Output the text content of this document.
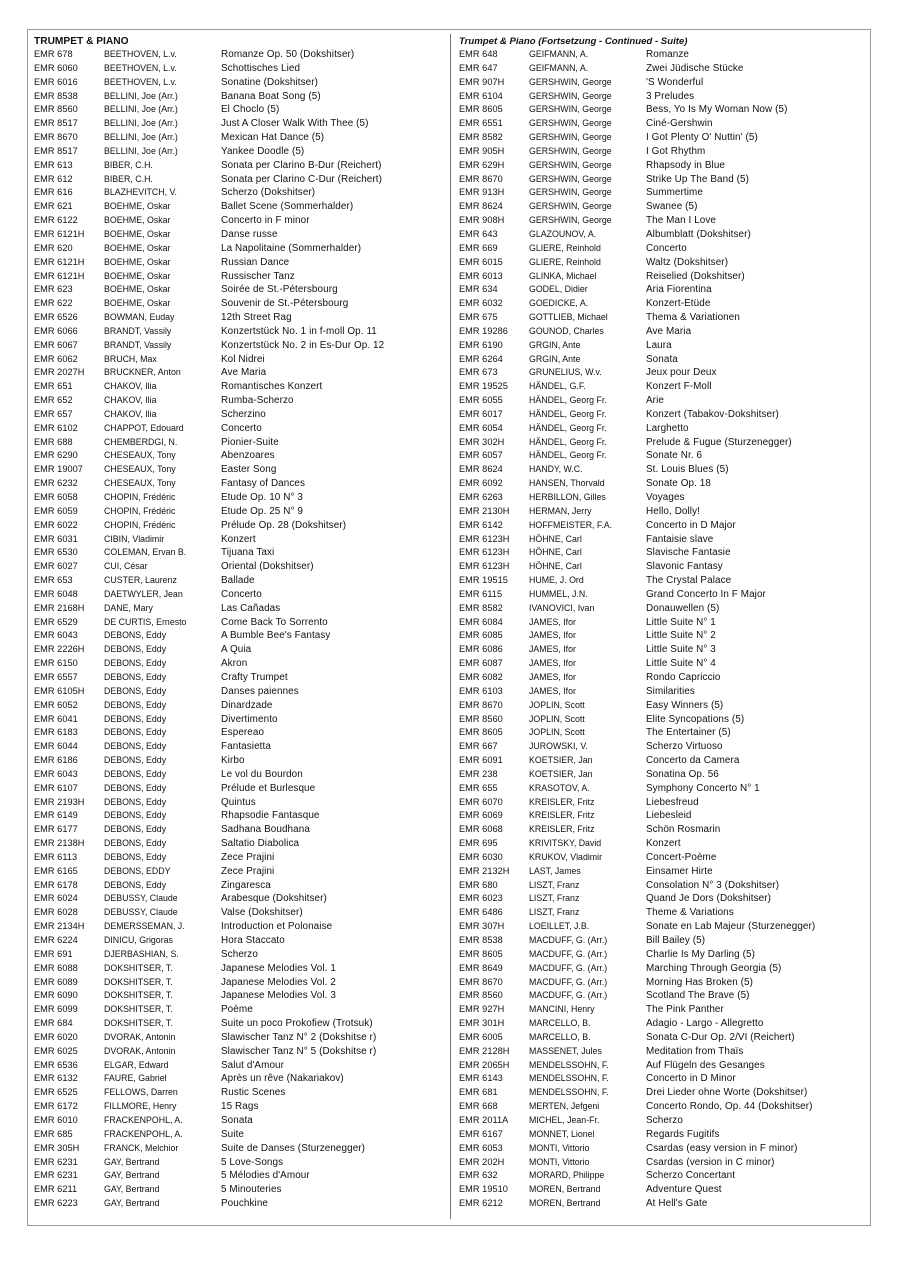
TRUMPET & PIANO
EMR 678	BEETHOVEN, L.v.	Romanze Op. 50 (Dokshitser)
EMR 6060	BEETHOVEN, L.v.	Schottisches Lied
EMR 6016	BEETHOVEN, L.v.	Sonatine (Dokshitser)
EMR 8538	BELLINI, Joe (Arr.)	Banana Boat Song (5)
EMR 8560	BELLINI, Joe (Arr.)	El Choclo (5)
EMR 8517	BELLINI, Joe (Arr.)	Just A Closer Walk With Thee (5)
EMR 8670	BELLINI, Joe (Arr.)	Mexican Hat Dance (5)
EMR 8517	BELLINI, Joe (Arr.)	Yankee Doodle (5)
EMR 613	BIBER, C.H.	Sonata per Clarino B-Dur (Reichert)
EMR 612	BIBER, C.H.	Sonata per Clarino C-Dur (Reichert)
EMR 616	BLAZHEVITCH, V.	Scherzo (Dokshitser)
EMR 621	BOEHME, Oskar	Ballet Scene (Sommerhalder)
EMR 6122	BOEHME, Oskar	Concerto in F minor
EMR 6121H BOEHME, Oskar	Danse russe
EMR 620	BOEHME, Oskar	La Napolitaine (Sommerhalder)
EMR 6121H BOEHME, Oskar	Russian Dance
EMR 6121H BOEHME, Oskar	Russischer Tanz
EMR 623	BOEHME, Oskar	Soirée de St.-Pétersbourg
EMR 622	BOEHME, Oskar	Souvenir de St.-Pétersbourg
EMR 6526	BOWMAN, Euday	12th Street Rag
EMR 6066	BRANDT, Vassily	Konzertstück No. 1 in f-moll Op. 11
EMR 6067	BRANDT, Vassily	Konzertstück No. 2 in Es-Dur Op. 12
EMR 6062	BRUCH, Max	Kol Nidrei
EMR 2027H BRUCKNER, Anton	Ave Maria
EMR 651	CHAKOV, Ilia	Romantisches Konzert
EMR 652	CHAKOV, Ilia	Rumba-Scherzo
EMR 657	CHAKOV, Ilia	Scherzino
EMR 6102	CHAPPOT, Edouard	Concerto
EMR 688	CHEMBERDGI, N.	Pionier-Suite
EMR 6290	CHESEAUX, Tony	Abenzoares
EMR 19007 CHESEAUX, Tony	Easter Song
EMR 6232	CHESEAUX, Tony	Fantasy of Dances
EMR 6058	CHOPIN, Frédéric	Etude Op. 10 N° 3
EMR 6059	CHOPIN, Frédéric	Etude Op. 25 N° 9
EMR 6022	CHOPIN, Frédéric	Prélude Op. 28 (Dokshitser)
EMR 6031	CIBIN, Vladimir	Konzert
EMR 6530	COLEMAN, Ervan B.	Tijuana Taxi
EMR 6027	CUI, César	Oriental (Dokshitser)
EMR 653	CUSTER, Laurenz	Ballade
EMR 6048	DAETWYLER, Jean	Concerto
EMR 2168H DANE, Mary	Las Cañadas
EMR 6529	DE CURTIS, Ernesto	Come Back To Sorrento
EMR 6043	DEBONS, Eddy	A Bumble Bee's Fantasy
EMR 2226H DEBONS, Eddy	A Quia
EMR 6150	DEBONS, Eddy	Akron
EMR 6557	DEBONS, Eddy	Crafty Trumpet
EMR 6105H DEBONS, Eddy	Danses paiennes
EMR 6052	DEBONS, Eddy	Dinardzade
EMR 6041	DEBONS, Eddy	Divertimento
EMR 6183	DEBONS, Eddy	Espereao
EMR 6044	DEBONS, Eddy	Fantasietta
EMR 6186	DEBONS, Eddy	Kirbo
EMR 6043	DEBONS, Eddy	Le vol du Bourdon
EMR 6107	DEBONS, Eddy	Prélude et Burlesque
EMR 2193H DEBONS, Eddy	Quintus
EMR 6149	DEBONS, Eddy	Rhapsodie Fantasque
EMR 6177	DEBONS, Eddy	Sadhana Boudhana
EMR 2138H DEBONS, Eddy	Saltatio Diabolica
EMR 6113	DEBONS, Eddy	Zece Prajini
EMR 6165	DEBONS, EDDY	Zece Prajini
EMR 6178	DEBONS, Eddy	Zingaresca
EMR 6024	DEBUSSY, Claude	Arabesque (Dokshitser)
EMR 6028	DEBUSSY, Claude	Valse (Dokshitser)
EMR 2134H DEMERSSEMAN, J.	Introduction et Polonaise
EMR 6224	DINICU, Grigoras	Hora Staccato
EMR 691	DJERBASHIAN, S.	Scherzo
EMR 6088	DOKSHITSER, T.	Japanese Melodies Vol. 1
EMR 6089	DOKSHITSER, T.	Japanese Melodies Vol. 2
EMR 6090	DOKSHITSER, T.	Japanese Melodies Vol. 3
EMR 6099	DOKSHITSER, T.	Poème
EMR 684	DOKSHITSER, T.	Suite un poco Prokofiew (Trotsuk)
EMR 6020	DVORAK, Antonin	Slawischer Tanz N° 2 (Dokshitse r)
EMR 6025	DVORAK, Antonin	Slawischer Tanz N° 5 (Dokshitse r)
EMR 6536	ELGAR, Edward	Salut d'Amour
EMR 6132	FAURE, Gabriel	Après un rêve (Nakariakov)
EMR 6525	FELLOWS, Darren	Rustic Scenes
EMR 6172	FILLMORE, Henry	15 Rags
EMR 6010	FRACKENPOHL, A.	Sonata
EMR 685	FRACKENPOHL, A.	Suite
EMR 305H	FRANCK, Melchior	Suite de Danses (Sturzenegger)
EMR 6231	GAY, Bertrand	5 Love-Songs
EMR 6231	GAY, Bertrand	5 Mélodies d'Amour
EMR 6211	GAY, Bertrand	5 Minouteries
EMR 6223	GAY, Bertrand	Pouchkine
Trumpet & Piano (Fortsetzung - Continued - Suite)
EMR 648	GEIFMANN, A.	Romanze
EMR 647	GEIFMANN, A.	Zwei Jüdische Stücke
EMR 907H	GERSHWIN, George	'S Wonderful
EMR 6104	GERSHWIN, George	3 Preludes
EMR 8605	GERSHWIN, George	Bess, Yo Is My Woman Now (5)
EMR 6551	GERSHWIN, George	Ciné-Gershwin
EMR 8582	GERSHWIN, George	I Got Plenty O' Nuttin' (5)
EMR 905H	GERSHWIN, George	I Got Rhythm
EMR 629H	GERSHWIN, George	Rhapsody in Blue
EMR 8670	GERSHWIN, George	Strike Up The Band (5)
EMR 913H	GERSHWIN, George	Summertime
EMR 8624	GERSHWIN, George	Swanee (5)
EMR 908H	GERSHWIN, George	The Man I Love
EMR 643	GLAZOUNOV, A.	Albumblatt (Dokshitser)
EMR 669	GLIERE, Reinhold	Concerto
EMR 6015	GLIERE, Reinhold	Waltz (Dokshitser)
EMR 6013	GLINKA, Michael	Reiselied (Dokshitser)
EMR 634	GODEL, Didier	Aria Fiorentina
EMR 6032	GOEDICKE, A.	Konzert-Etüde
EMR 675	GOTTLIEB, Michael	Thema & Variationen
EMR 19286 GOUNOD, Charles	Ave Maria
EMR 6190	GRGIN, Ante	Laura
EMR 6264	GRGIN, Ante	Sonata
EMR 673	GRUNELIUS, W.v.	Jeux pour Deux
EMR 19525 HÄNDEL, G.F.	Konzert F-Moll
EMR 6055	HÄNDEL, Georg Fr.	Arie
EMR 6017	HÄNDEL, Georg Fr.	Konzert (Tabakov-Dokshitser)
EMR 6054	HÄNDEL, Georg Fr.	Larghetto
EMR 302H	HÄNDEL, Georg Fr.	Prelude & Fugue (Sturzenegger)
EMR 6057	HÄNDEL, Georg Fr.	Sonate Nr. 6
EMR 8624	HANDY, W.C.	St. Louis Blues (5)
EMR 6092	HANSEN, Thorvald	Sonate Op. 18
EMR 6263	HERBILLON, Gilles	Voyages
EMR 2130H HERMAN, Jerry	Hello, Dolly!
EMR 6142	HOFFMEISTER, F.A.	Concerto in D Major
EMR 6123H HÖHNE, Carl	Fantaisie slave
EMR 6123H HÖHNE, Carl	Slavische Fantasie
EMR 6123H HÖHNE, Carl	Slavonic Fantasy
EMR 19515 HUME, J. Ord	The Crystal Palace
EMR 6115	HUMMEL, J.N.	Grand Concerto In F Major
EMR 8582	IVANOVICI, Ivan	Donauwellen (5)
EMR 6084	JAMES, Ifor	Little Suite N° 1
EMR 6085	JAMES, Ifor	Little Suite N° 2
EMR 6086	JAMES, Ifor	Little Suite N° 3
EMR 6087	JAMES, Ifor	Little Suite N° 4
EMR 6082	JAMES, Ifor	Rondo Capriccio
EMR 6103	JAMES, Ifor	Similarities
EMR 8670	JOPLIN, Scott	Easy Winners (5)
EMR 8560	JOPLIN, Scott	Elite Syncopations (5)
EMR 8605	JOPLIN, Scott	The Entertainer (5)
EMR 667	JUROWSKI, V.	Scherzo Virtuoso
EMR 6091	KOETSIER, Jan	Concerto da Camera
EMR 238	KOETSIER, Jan	Sonatina Op. 56
EMR 655	KRASOTOV, A.	Symphony Concerto N° 1
EMR 6070	KREISLER, Fritz	Liebesfreud
EMR 6069	KREISLER, Fritz	Liebesleid
EMR 6068	KREISLER, Fritz	Schön Rosmarin
EMR 695	KRIVITSKY, David	Konzert
EMR 6030	KRUKOV, Vladimir	Concert-Poème
EMR 2132H LAST, James	Einsamer Hirte
EMR 680	LISZT, Franz	Consolation N° 3 (Dokshitser)
EMR 6023	LISZT, Franz	Quand Je Dors (Dokshitser)
EMR 6486	LISZT, Franz	Theme & Variations
EMR 307H	LOEILLET, J.B.	Sonate en Lab Majeur (Sturzenegger)
EMR 8538	MACDUFF, G. (Arr.)	Bill Bailey (5)
EMR 8605	MACDUFF, G. (Arr.)	Charlie Is My Darling (5)
EMR 8649	MACDUFF, G. (Arr.)	Marching Through Georgia (5)
EMR 8670	MACDUFF, G. (Arr.)	Morning Has Broken (5)
EMR 8560	MACDUFF, G. (Arr.)	Scotland The Brave (5)
EMR 927H	MANCINI, Henry	The Pink Panther
EMR 301H	MARCELLO, B.	Adagio - Largo - Allegretto
EMR 6005	MARCELLO, B.	Sonata C-Dur Op. 2/VI (Reichert)
EMR 2128H MASSENET, Jules	Meditation from Thaïs
EMR 2065H MENDELSSOHN, F.	Auf Flügeln des Gesanges
EMR 6143	MENDELSSOHN, F.	Concerto in D Minor
EMR 681	MENDELSSOHN, F.	Drei Lieder ohne Worte (Dokshitser)
EMR 668	MERTEN, Jefgeni	Concerto Rondo, Op. 44 (Dokshitser)
EMR 2011A MICHEL, Jean-Fr.	Scherzo
EMR 6167	MONNET, Lionel	Regards Fugitifs
EMR 6053	MONTI, Vittorio	Csardas (easy version in F minor)
EMR 202H	MONTI, Vittorio	Csardas (version in C minor)
EMR 632	MORARD, Philippe	Scherzo Concertant
EMR 19510 MOREN, Bertrand	Adventure Quest
EMR 6212	MOREN, Bertrand	At Hell's Gate
